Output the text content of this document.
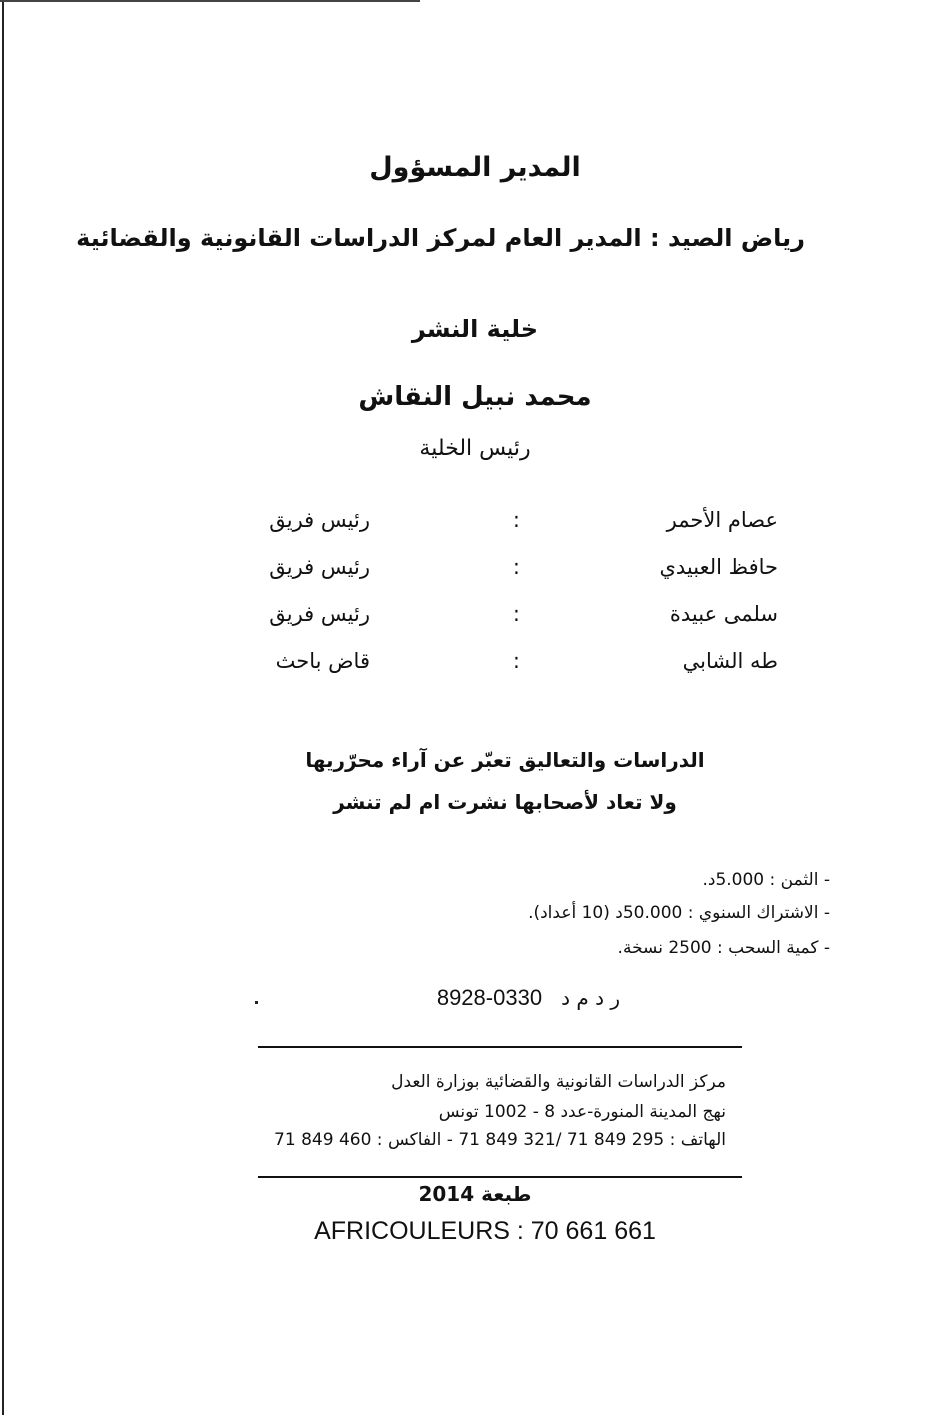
المدير المسؤول
رياض الصيد : المدير العام لمركز الدراسات القانونية والقضائية
خلية النشر
محمد نبيل النقاش
رئيس الخلية
عصام الأحمر
:
رئيس فريق
حافظ العبيدي
:
رئيس فريق
سلمى عبيدة
:
رئيس فريق
طه الشابي
:
قاض باحث
الدراسات والتعاليق تعبّر عن آراء محرّريها
ولا تعاد لأصحابها نشرت ام لم تنشر
- الثمن : 5.000د.
- الاشتراك السنوي : 50.000د (10 أعداد).
- كمية السحب : 2500 نسخة.
ر د م د 0330-8928
مركز الدراسات القانونية والقضائية بوزارة العدل
نهج المدينة المنورة-عدد 8 - 1002 تونس
الهاتف : 295 849 71 /321 849 71 - الفاكس : 460 849 71
طبعة 2014
AFRICOULEURS : 70 661 661
